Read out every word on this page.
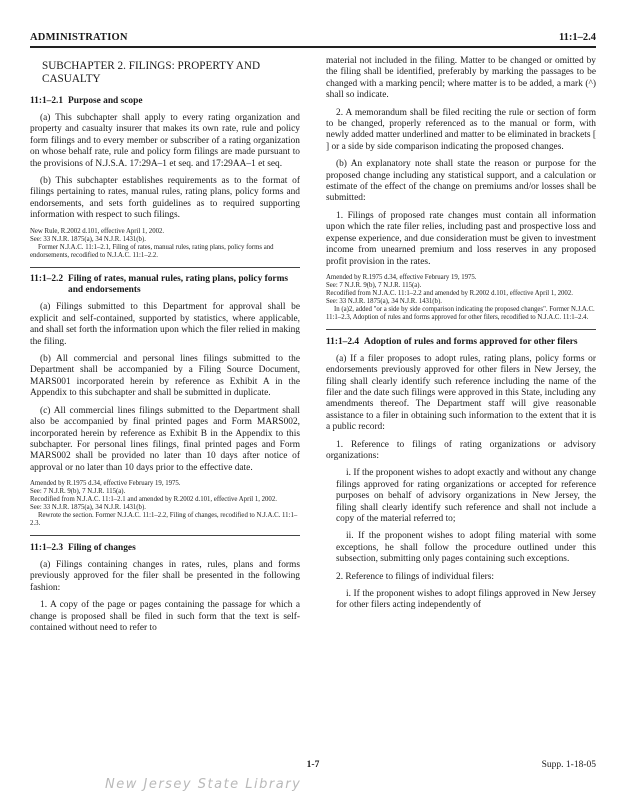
ADMINISTRATION	11:1–2.4
SUBCHAPTER 2. FILINGS: PROPERTY AND CASUALTY
11:1–2.1 Purpose and scope

(a) This subchapter shall apply to every rating organization and property and casualty insurer that makes its own rate, rule and policy form filings and to every member or subscriber of a rating organization on whose behalf rate, rule and policy form filings are made pursuant to the provisions of N.J.S.A. 17:29A–1 et seq. and 17:29AA–1 et seq.

(b) This subchapter establishes requirements as to the format of filings pertaining to rates, manual rules, rating plans, policy forms and endorsements, and sets forth guidelines as to required supporting information with respect to such filings.

New Rule, R.2002 d.101, effective April 1, 2002.
See: 33 N.J.R. 1875(a), 34 N.J.R. 1431(b).
Former N.J.A.C. 11:1–2.1, Filing of rates, manual rules, rating plans, policy forms and endorsements, recodified to N.J.A.C. 11:1–2.2.
11:1–2.2 Filing of rates, manual rules, rating plans, policy forms and endorsements

(a) Filings submitted to this Department for approval shall be explicit and self-contained, supported by statistics, where applicable, and shall set forth the information upon which the filer relied in making the filing.

(b) All commercial and personal lines filings submitted to the Department shall be accompanied by a Filing Source Document, MARS001 incorporated herein by reference as Exhibit A in the Appendix to this subchapter and shall be submitted in duplicate.

(c) All commercial lines filings submitted to the Department shall also be accompanied by final printed pages and Form MARS002, incorporated herein by reference as Exhibit B in the Appendix to this subchapter. For personal lines filings, final printed pages and Form MARS002 shall be provided no later than 10 days after notice of approval or no later than 10 days prior to the effective date.

Amended by R.1975 d.34, effective February 19, 1975.
See: 7 N.J.R. 9(b), 7 N.J.R. 115(a).
Recodified from N.J.A.C. 11:1–2.1 and amended by R.2002 d.101, effective April 1, 2002.
See: 33 N.J.R. 1875(a), 34 N.J.R. 1431(b).
Rewrote the section. Former N.J.A.C. 11:1–2.2, Filing of changes, recodified to N.J.A.C. 11:1–2.3.
11:1–2.3 Filing of changes

(a) Filings containing changes in rates, rules, plans and forms previously approved for the filer shall be presented in the following fashion:

1. A copy of the page or pages containing the passage for which a change is proposed shall be filed in such form that the text is self-contained without need to refer to

material not included in the filing. Matter to be changed or omitted by the filing shall be identified, preferably by marking the passages to be changed with a marking pencil; where matter is to be added, a mark (^) shall so indicate.

2. A memorandum shall be filed reciting the rule or section of form to be changed, properly referenced as to the manual or form, with newly added matter underlined and matter to be eliminated in brackets [ ] or a side by side comparison indicating the proposed changes.

(b) An explanatory note shall state the reason or purpose for the proposed change including any statistical support, and a calculation or estimate of the effect of the change on premiums and/or losses shall be submitted:

1. Filings of proposed rate changes must contain all information upon which the rate filer relies, including past and prospective loss and expense experience, and due consideration must be given to investment income from unearned premium and loss reserves in any proposed profit provision in the rates.

Amended by R.1975 d.34, effective February 19, 1975.
See: 7 N.J.R. 9(b), 7 N.J.R. 115(a).
Recodified from N.J.A.C. 11:1–2.2 and amended by R.2002 d.101, effective April 1, 2002.
See: 33 N.J.R. 1875(a), 34 N.J.R. 1431(b).
In (a)2, added "or a side by side comparison indicating the proposed changes". Former N.J.A.C. 11:1–2.3, Adoption of rules and forms approved for other filers, recodified to N.J.A.C. 11:1–2.4.
11:1–2.4 Adoption of rules and forms approved for other filers

(a) If a filer proposes to adopt rules, rating plans, policy forms or endorsements previously approved for other filers in New Jersey, the filing shall clearly identify such reference including the name of the filer and the date such filings were approved in this State, including any amendments thereof. The Department staff will give reasonable assistance to a filer in obtaining such information to the extent that it is a public record:

1. Reference to filings of rating organizations or advisory organizations:

i. If the proponent wishes to adopt exactly and without any change filings approved for rating organizations or accepted for reference purposes on behalf of advisory organizations in New Jersey, the filing shall clearly identify such reference and shall not include a copy of the material referred to;

ii. If the proponent wishes to adopt filing material with some exceptions, he shall follow the procedure outlined under this subsection, submitting only pages containing such exceptions.

2. Reference to filings of individual filers:

i. If the proponent wishes to adopt filings approved in New Jersey for other filers acting independently of

1-7	Supp. 1-18-05
New Jersey State Library
